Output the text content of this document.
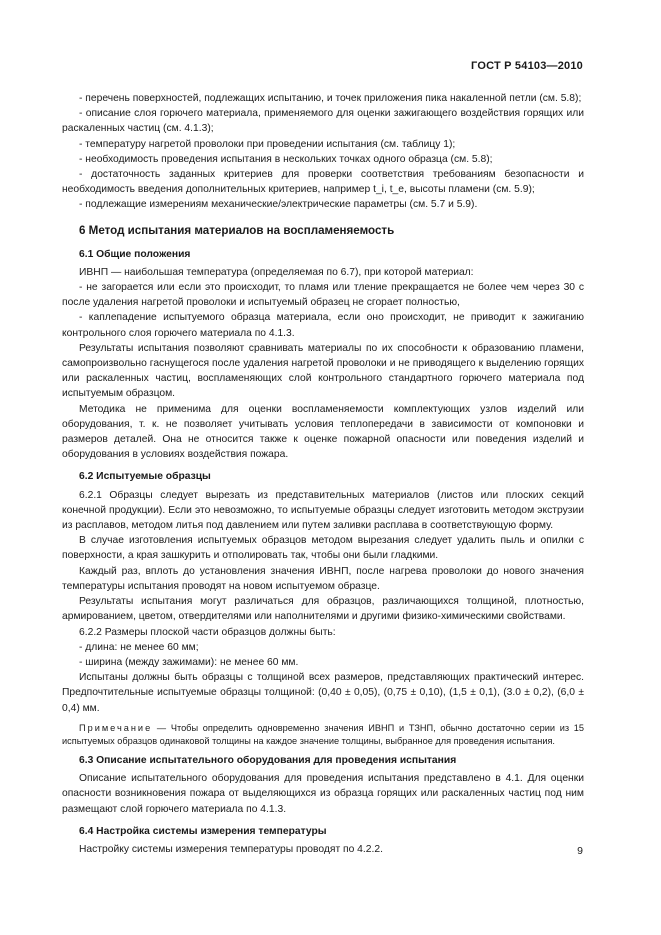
ГОСТ Р 54103—2010

- перечень поверхностей, подлежащих испытанию, и точек приложения пика накаленной петли (см. 5.8);

- описание слоя горючего материала, применяемого для оценки зажигающего воздействия горящих или раскаленных частиц (см. 4.1.3);

- температуру нагретой проволоки при проведении испытания (см. таблицу 1);

- необходимость проведения испытания в нескольких точках одного образца (см. 5.8);

- достаточность заданных критериев для проверки соответствия требованиям безопасности и необходимость введения дополнительных критериев, например t_i, t_e, высоты пламени (см. 5.9);

- подлежащие измерениям механические/электрические параметры (см. 5.7 и 5.9).

6 Метод испытания материалов на воспламеняемость
6.1 Общие положения

ИВНП — наибольшая температура (определяемая по 6.7), при которой материал:

- не загорается или если это происходит, то пламя или тление прекращается не более чем через 30 с после удаления нагретой проволоки и испытуемый образец не сгорает полностью,

- каплепадение испытуемого образца материала, если оно происходит, не приводит к зажиганию контрольного слоя горючего материала по 4.1.3.

Результаты испытания позволяют сравнивать материалы по их способности к образованию пламени, самопроизвольно гаснущегося после удаления нагретой проволоки и не приводящего к выделению горящих или раскаленных частиц, воспламеняющих слой контрольного стандартного горючего материала под испытуемым образцом.

Методика не применима для оценки воспламеняемости комплектующих узлов изделий или оборудования, т. к. не позволяет учитывать условия теплопередачи в зависимости от компоновки и размеров деталей. Она не относится также к оценке пожарной опасности или поведения изделий и оборудования в условиях воздействия пожара.

6.2 Испытуемые образцы

6.2.1 Образцы следует вырезать из представительных материалов (листов или плоских секций конечной продукции). Если это невозможно, то испытуемые образцы следует изготовить методом экструзии из расплавов, методом литья под давлением или путем заливки расплава в соответствующую форму.

В случае изготовления испытуемых образцов методом вырезания следует удалить пыль и опилки с поверхности, а края зашкурить и отполировать так, чтобы они были гладкими.

Каждый раз, вплоть до установления значения ИВНП, после нагрева проволоки до нового значения температуры испытания проводят на новом испытуемом образце.

Результаты испытания могут различаться для образцов, различающихся толщиной, плотностью, армированием, цветом, отвердителями или наполнителями и другими физико-химическими свойствами.

6.2.2 Размеры плоской части образцов должны быть:

- длина: не менее 60 мм;

- ширина (между зажимами): не менее 60 мм.

Испытаны должны быть образцы с толщиной всех размеров, представляющих практический интерес. Предпочтительные испытуемые образцы толщиной: (0,40 ± 0,05), (0,75 ± 0,10), (1,5 ± 0,1), (3.0 ± 0,2), (6,0 ± 0,4) мм.

Примечание — Чтобы определить одновременно значения ИВНП и ТЗНП, обычно достаточно серии из 15 испытуемых образцов одинаковой толщины на каждое значение толщины, выбранное для проведения испытания.

6.3 Описание испытательного оборудования для проведения испытания

Описание испытательного оборудования для проведения испытания представлено в 4.1. Для оценки опасности возникновения пожара от выделяющихся из образца горящих или раскаленных частиц под ним размещают слой горючего материала по 4.1.3.

6.4 Настройка системы измерения температуры

Настройку системы измерения температуры проводят по 4.2.2.	9
